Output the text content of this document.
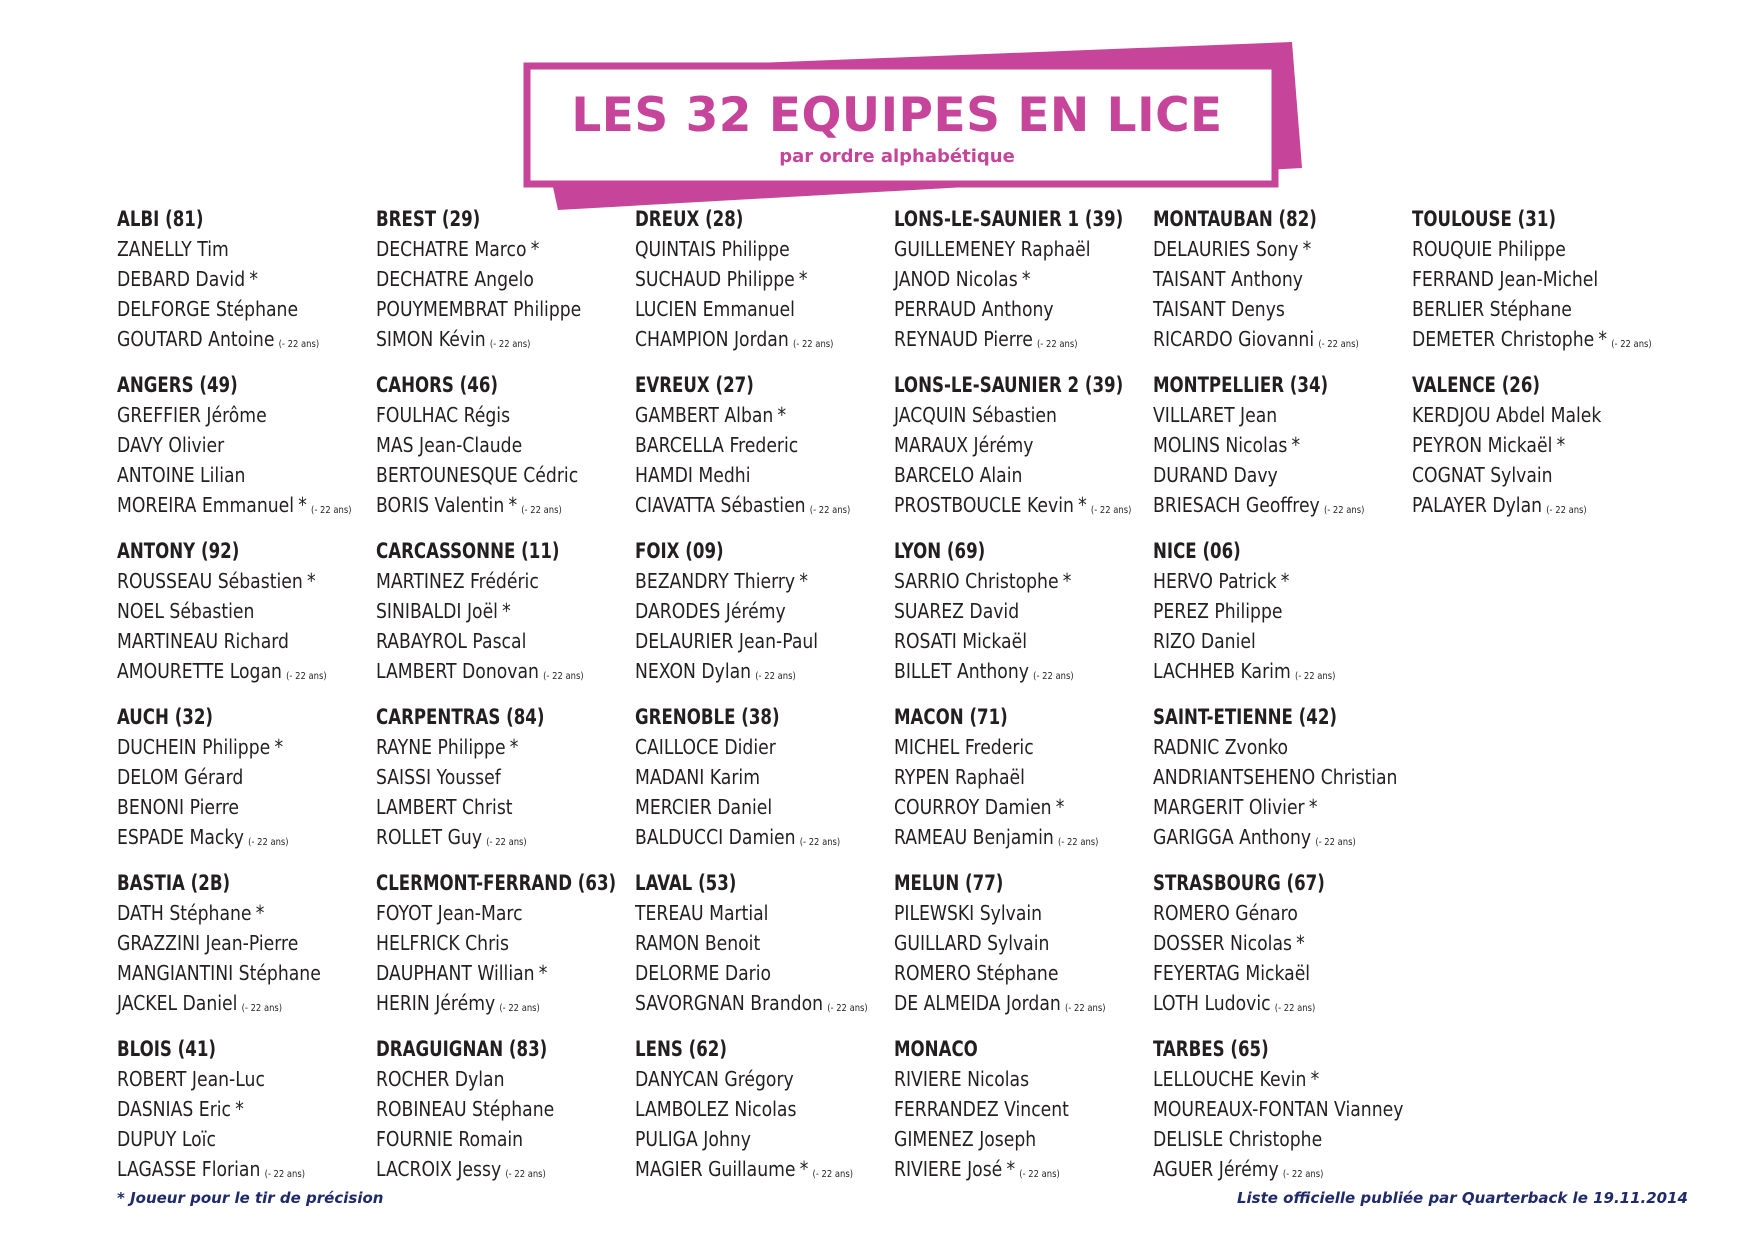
LES 32 EQUIPES EN LICE
par ordre alphabétique
ALBI (81)
ZANELLY Tim
DEBARD David *
DELFORGE Stéphane
GOUTARD Antoine (- 22 ans)
ANGERS (49)
GREFFIER Jérôme
DAVY Olivier
ANTOINE Lilian
MOREIRA Emmanuel * (- 22 ans)
ANTONY (92)
ROUSSEAU Sébastien *
NOEL Sébastien
MARTINEAU Richard
AMOURETTE Logan (- 22 ans)
AUCH (32)
DUCHEIN Philippe *
DELOM Gérard
BENONI Pierre
ESPADE Macky (- 22 ans)
BASTIA (2B)
DATH Stéphane *
GRAZZINI Jean-Pierre
MANGIANTINI Stéphane
JACKEL Daniel (- 22 ans)
BLOIS (41)
ROBERT Jean-Luc
DASNIAS Eric *
DUPUY Loïc
LAGASSE Florian (- 22 ans)
BREST (29)
DECHATRE Marco *
DECHATRE Angelo
POUYMEMBRAT Philippe
SIMON Kévin (- 22 ans)
CAHORS (46)
FOULHAC Régis
MAS Jean-Claude
BERTOUNESQUE Cédric
BORIS Valentin * (- 22 ans)
CARCASSONNE (11)
MARTINEZ Frédéric
SINIBALDI Joël *
RABAYROL Pascal
LAMBERT Donovan (- 22 ans)
CARPENTRAS (84)
RAYNE Philippe *
SAISSI Youssef
LAMBERT Christ
ROLLET Guy (- 22 ans)
CLERMONT-FERRAND (63)
FOYOT Jean-Marc
HELFRICK Chris
DAUPHANT Willian *
HERIN Jérémy (- 22 ans)
DRAGUIGNAN (83)
ROCHER Dylan
ROBINEAU Stéphane
FOURNIE Romain
LACROIX Jessy (- 22 ans)
DREUX (28)
QUINTAIS Philippe
SUCHAUD Philippe *
LUCIEN Emmanuel
CHAMPION Jordan (- 22 ans)
EVREUX (27)
GAMBERT Alban *
BARCELLA Frederic
HAMDI Medhi
CIAVATTA Sébastien (- 22 ans)
FOIX (09)
BEZANDRY Thierry *
DARODES Jérémy
DELAURIER Jean-Paul
NEXON Dylan (- 22 ans)
GRENOBLE (38)
CAILLOCE Didier
MADANI Karim
MERCIER Daniel
BALDUCCI Damien (- 22 ans)
LAVAL (53)
TEREAU Martial
RAMON Benoit
DELORME Dario
SAVORGNAN Brandon (- 22 ans)
LENS (62)
DANYCAN Grégory
LAMBOLEZ Nicolas
PULIGA Johny
MAGIER Guillaume * (- 22 ans)
LONS-LE-SAUNIER 1 (39)
GUILLEMENEY Raphaël
JANOD Nicolas *
PERRAUD Anthony
REYNAUD Pierre (- 22 ans)
LONS-LE-SAUNIER 2 (39)
JACQUIN Sébastien
MARAUX Jérémy
BARCELO Alain
PROSTBOUCLE Kevin * (- 22 ans)
LYON (69)
SARRIO Christophe *
SUAREZ David
ROSATI Mickaël
BILLET Anthony (- 22 ans)
MACON (71)
MICHEL Frederic
RYPEN Raphaël
COURROY Damien *
RAMEAU Benjamin (- 22 ans)
MELUN (77)
PILEWSKI Sylvain
GUILLARD Sylvain
ROMERO Stéphane
DE ALMEIDA Jordan (- 22 ans)
MONACO
RIVIERE Nicolas
FERRANDEZ Vincent
GIMENEZ Joseph
RIVIERE José * (- 22 ans)
MONTAUBAN (82)
DELAURIES Sony *
TAISANT Anthony
TAISANT Denys
RICARDO Giovanni (- 22 ans)
MONTPELLIER (34)
VILLARET Jean
MOLINS Nicolas *
DURAND Davy
BRIESACH Geoffrey (- 22 ans)
NICE (06)
HERVO Patrick *
PEREZ Philippe
RIZO Daniel
LACHHEB Karim (- 22 ans)
SAINT-ETIENNE (42)
RADNIC Zvonko
ANDRIANTSEHENO Christian
MARGERIT Olivier *
GARIGGA Anthony (- 22 ans)
STRASBOURG (67)
ROMERO Génaro
DOSSER Nicolas *
FEYERTAG Mickaël
LOTH Ludovic (- 22 ans)
TARBES (65)
LELLOUCHE Kevin *
MOUREAUX-FONTAN Vianney
DELISLE Christophe
AGUER Jérémy (- 22 ans)
TOULOUSE (31)
ROUQUIE Philippe
FERRAND Jean-Michel
BERLIER Stéphane
DEMETER Christophe * (- 22 ans)
VALENCE (26)
KERDJOU Abdel Malek
PEYRON Mickaël *
COGNAT Sylvain
PALAYER Dylan (- 22 ans)
* Joueur pour le tir de précision	Liste officielle publiée par Quarterback le 19.11.2014
